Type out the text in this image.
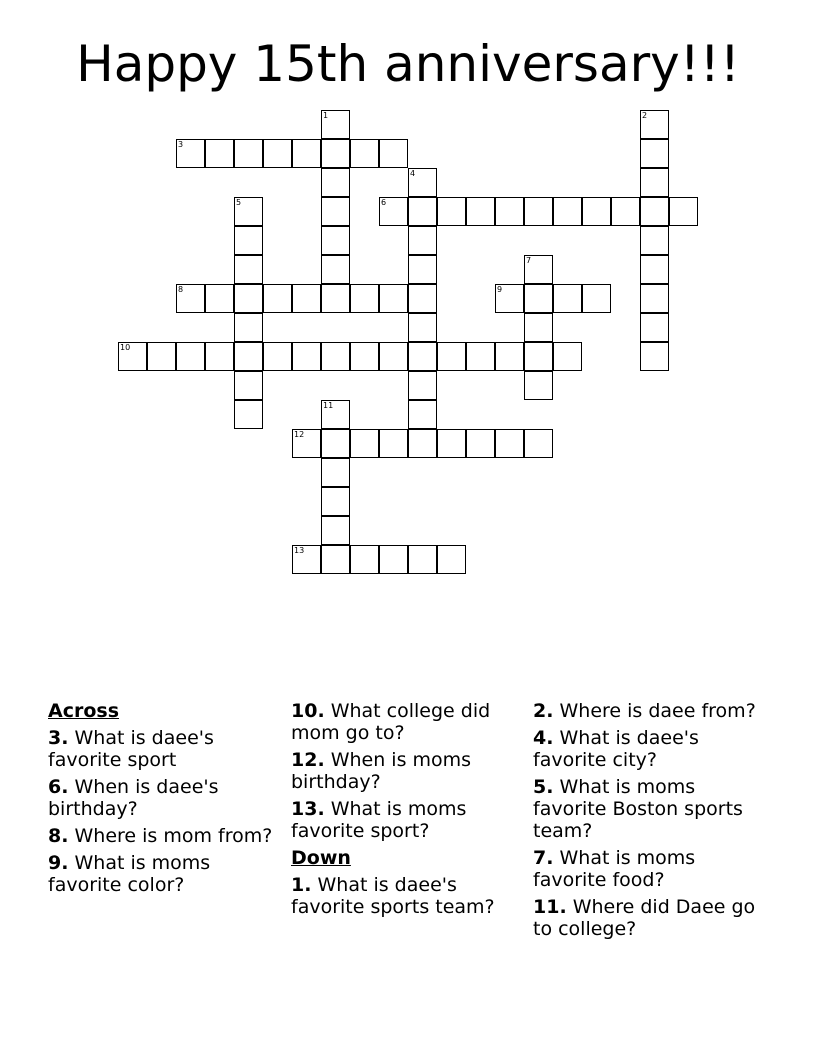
Happy 15th anniversary!!!
1	2
3
4
5	6
7
8	9
10
11
12
13
Across
3. What is daee's favorite sport
6. When is daee's birthday?
8. Where is mom from?
9. What is moms favorite color?
10. What college did mom go to?
12. When is moms birthday?
13. What is moms favorite sport?
Down
1. What is daee's favorite sports team?
2. Where is daee from?
4. What is daee's favorite city?
5. What is moms favorite Boston sports team?
7. What is moms favorite food?
11. Where did Daee go to college?
